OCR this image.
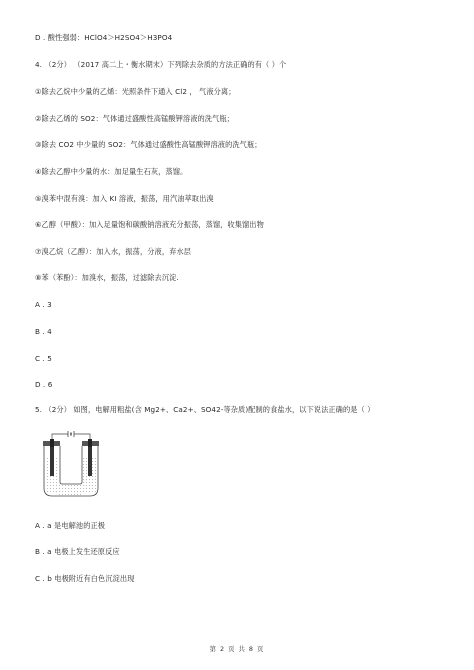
D . 酸性强弱：HClO4＞H2SO4＞H3PO4
4. （2分） （2017 高二上・衡水期末）下列除去杂质的方法正确的有（ ）个
①除去乙烷中少量的乙烯：光照条件下通入 Cl2 ， 气液分离；
②除去乙烯的 SO2：气体通过盛酸性高锰酸钾溶液的洗气瓶；
③除去 CO2 中少量的 SO2：气体通过盛酸性高锰酸钾溶液的洗气瓶；
④除去乙醇中少量的水：加足量生石灰，蒸馏。
⑤溴苯中混有溴：加入 KI 溶液，振荡，用汽油萃取出溴
⑥乙醇（甲酸）：加入足量饱和碳酸钠溶液充分振荡，蒸馏，收集馏出物
⑦溴乙烷（乙醇）：加入水，振荡，分液，弃水层
⑧苯（苯酚）：加溴水，振荡，过滤除去沉淀.
A . 3
B . 4
C . 5
D . 6
5. （2分） 如图，电解用粗盐(含 Mg2+、Ca2+、SO42-等杂质)配制的食盐水，以下说法正确的是（ ）
A . a 是电解池的正极
B . a 电极上发生还原反应
C . b 电极附近有白色沉淀出现
第 2 页 共 8 页
